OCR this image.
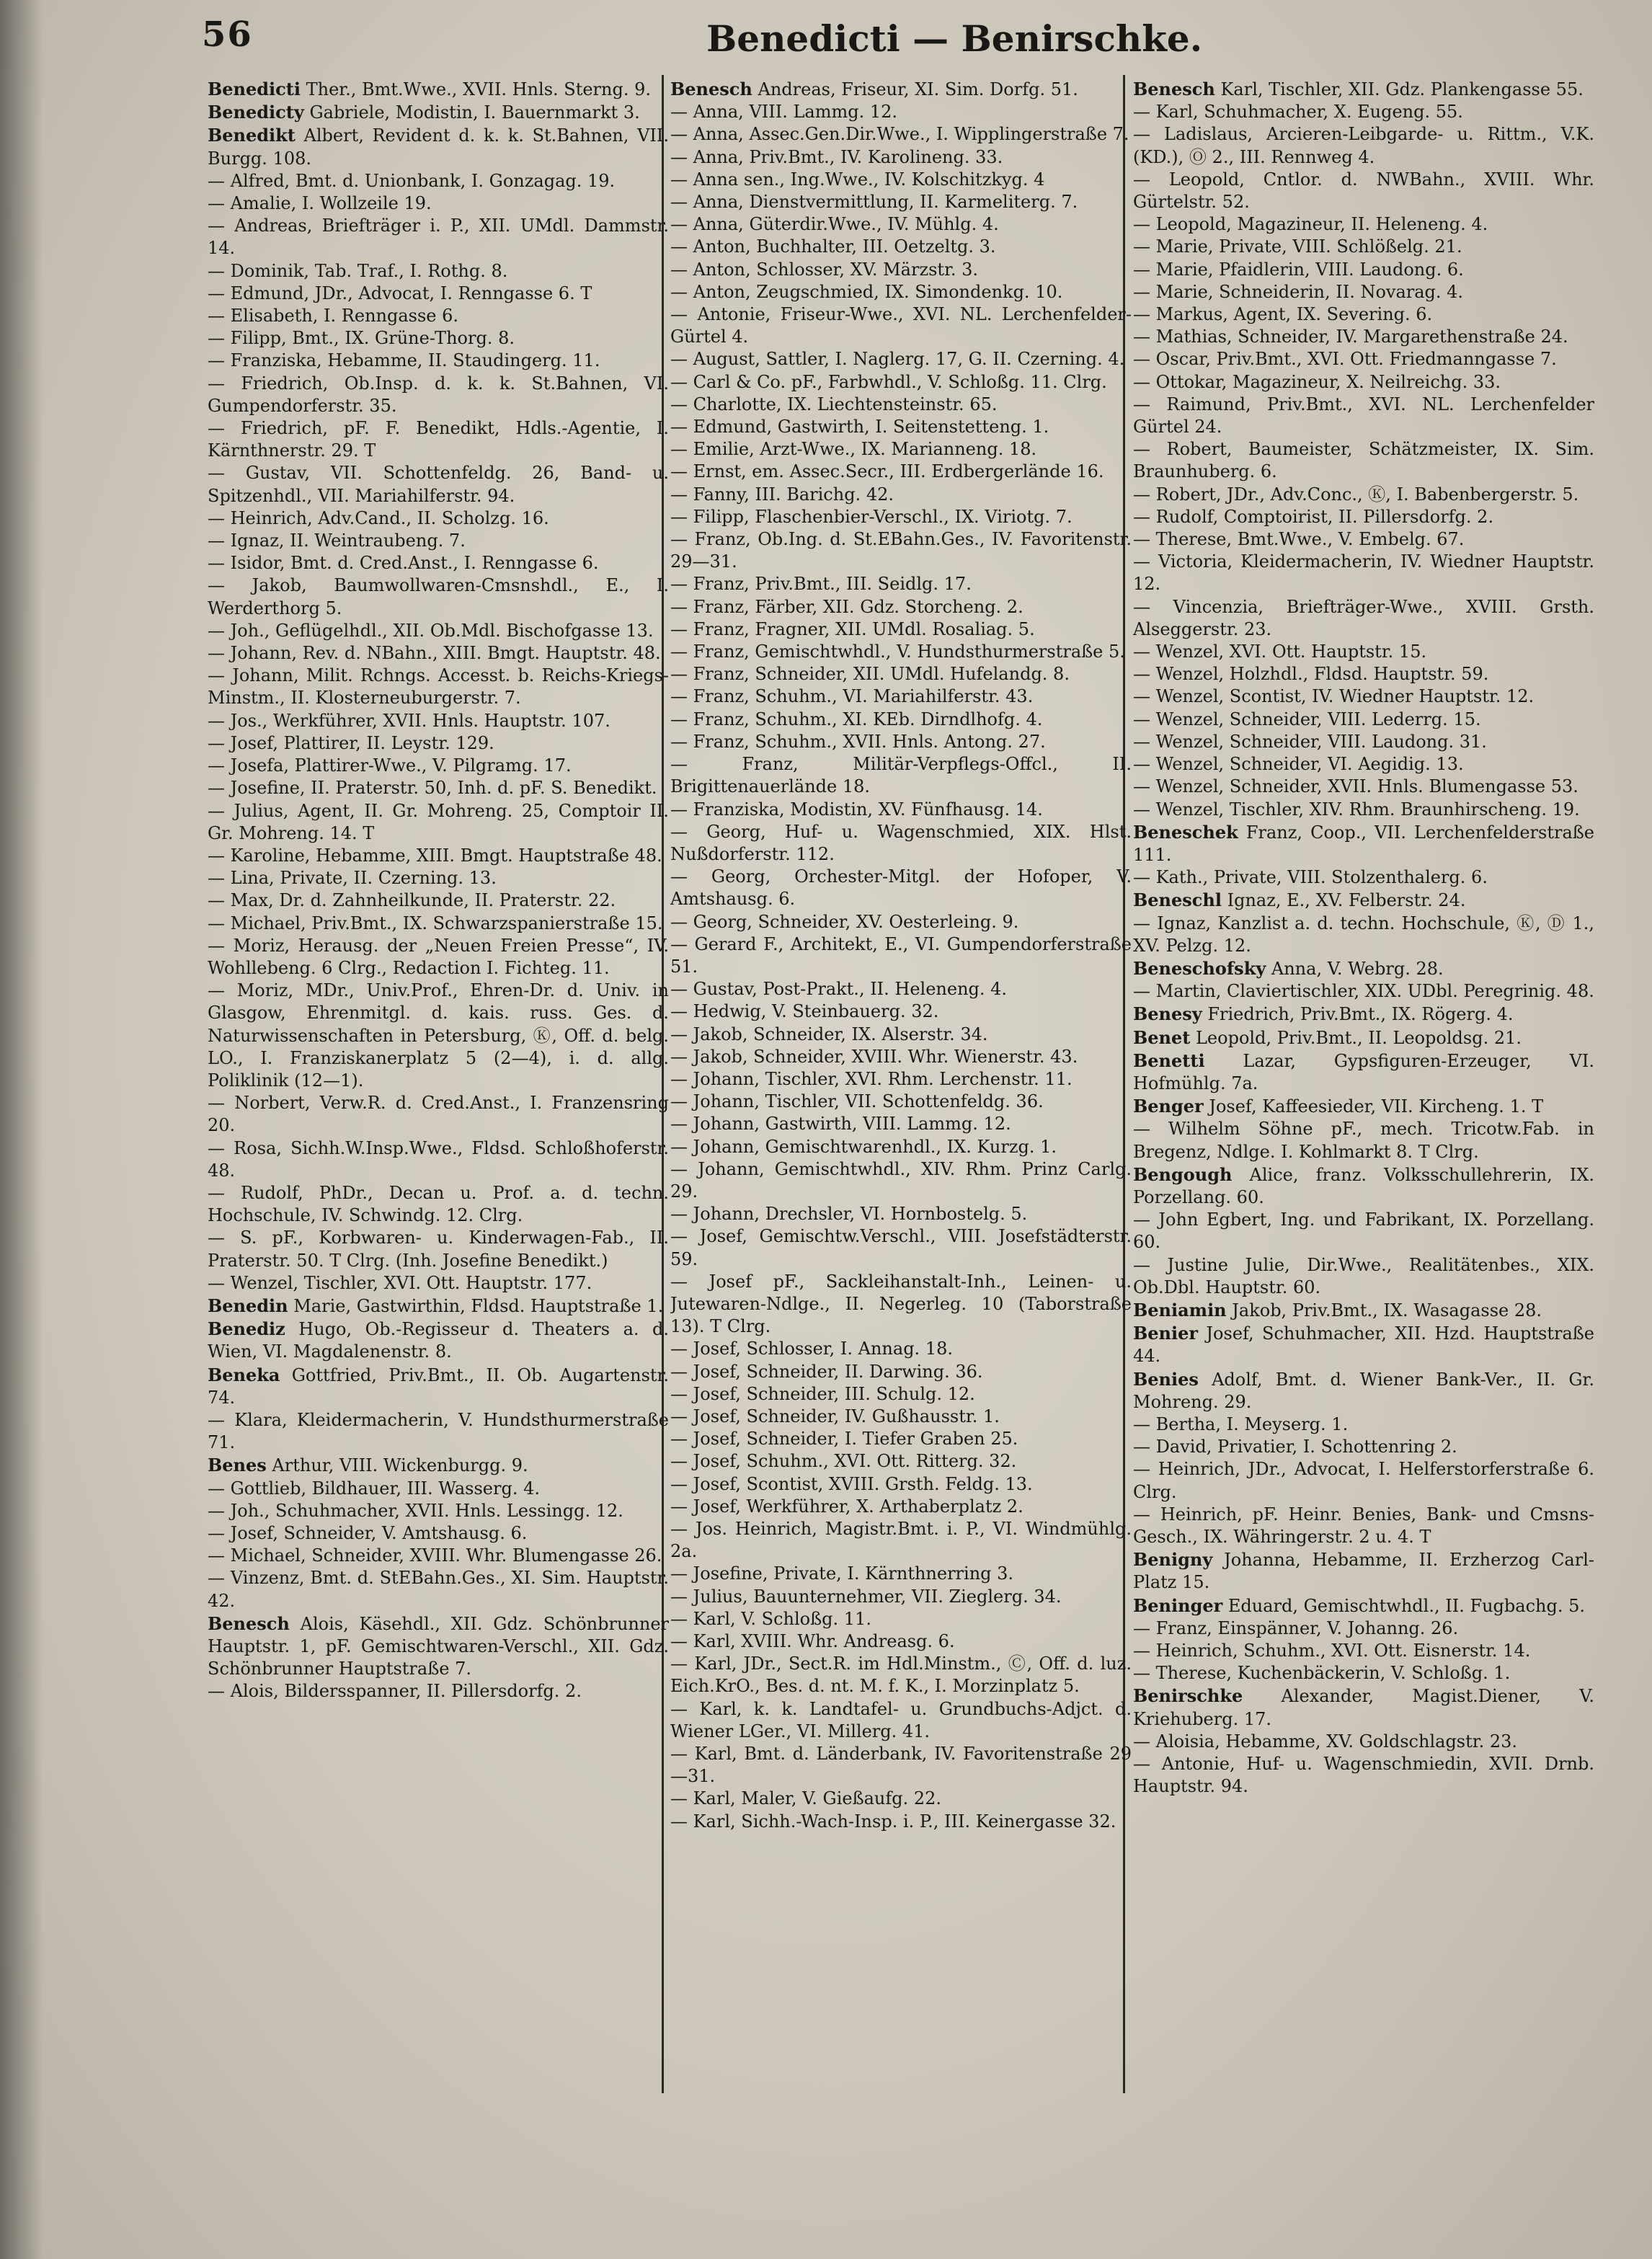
56	Benedicti — Benirschke.

Benedicti Ther., Bmt.Wwe., XVII. Hnls. Sterng. 9.

Benedicty Gabriele, Modistin, I. Bauernmarkt 3.

Benedikt Albert, Revident d. k. k. St.Bahnen, VII. Burgg. 108.

— Alfred, Bmt. d. Unionbank, I. Gonzagag. 19.

— Amalie, I. Wollzeile 19.

— Andreas, Briefträger i. P., XII. UMdl. Dammstr. 14.

— Dominik, Tab. Traf., I. Rothg. 8.

— Edmund, JDr., Advocat, I. Renngasse 6. T

— Elisabeth, I. Renngasse 6.

— Filipp, Bmt., IX. Grüne-Thorg. 8.

— Franziska, Hebamme, II. Staudingerg. 11.

— Friedrich, Ob.Insp. d. k. k. St.Bahnen, VI. Gumpendorferstr. 35.

— Friedrich, pF. F. Benedikt, Hdls.-Agentie, I. Kärnthnerstr. 29. T

— Gustav, VII. Schottenfeldg. 26, Band- u. Spitzenhdl., VII. Mariahilferstr. 94.

— Heinrich, Adv.Cand., II. Scholzg. 16.

— Ignaz, II. Weintraubeng. 7.

— Isidor, Bmt. d. Cred.Anst., I. Renngasse 6.

— Jakob, Baumwollwaren-Cmsnshdl., E., I. Werderthorg 5.

— Joh., Geflügelhdl., XII. Ob.Mdl. Bischofgasse 13.

— Johann, Rev. d. NBahn., XIII. Bmgt. Hauptstr. 48.

— Johann, Milit. Rchngs. Accesst. b. Reichs-Kriegs-Minstm., II. Klosterneuburgerstr. 7.

— Jos., Werkführer, XVII. Hnls. Hauptstr. 107.

— Josef, Plattirer, II. Leystr. 129.

— Josefa, Plattirer-Wwe., V. Pilgramg. 17.

— Josefine, II. Praterstr. 50, Inh. d. pF. S. Benedikt.

— Julius, Agent, II. Gr. Mohreng. 25, Comptoir II. Gr. Mohreng. 14. T

— Karoline, Hebamme, XIII. Bmgt. Hauptstraße 48.

— Lina, Private, II. Czerning. 13.

— Max, Dr. d. Zahnheilkunde, II. Praterstr. 22.

— Michael, Priv.Bmt., IX. Schwarzspanierstraße 15.

— Moriz, Herausg. der „Neuen Freien Presse“, IV. Wohllebeng. 6 Clrg., Redaction I. Fichteg. 11.

— Moriz, MDr., Univ.Prof., Ehren-Dr. d. Univ. in Glasgow, Ehrenmitgl. d. kais. russ. Ges. d. Naturwissenschaften in Petersburg, Ⓚ, Off. d. belg. LO., I. Franziskanerplatz 5 (2—4), i. d. allg. Poliklinik (12—1).

— Norbert, Verw.R. d. Cred.Anst., I. Franzensring 20.

— Rosa, Sichh.W.Insp.Wwe., Fldsd. Schloßhoferstr. 48.

— Rudolf, PhDr., Decan u. Prof. a. d. techn. Hochschule, IV. Schwindg. 12. Clrg.

— S. pF., Korbwaren- u. Kinderwagen-Fab., II. Praterstr. 50. T Clrg. (Inh. Josefine Benedikt.)

— Wenzel, Tischler, XVI. Ott. Hauptstr. 177.

Benedin Marie, Gastwirthin, Fldsd. Hauptstraße 1.

Benediz Hugo, Ob.-Regisseur d. Theaters a. d. Wien, VI. Magdalenenstr. 8.

Beneka Gottfried, Priv.Bmt., II. Ob. Augartenstr. 74.

— Klara, Kleidermacherin, V. Hundsthurmerstraße 71.

Benes Arthur, VIII. Wickenburgg. 9.

— Gottlieb, Bildhauer, III. Wasserg. 4.

— Joh., Schuhmacher, XVII. Hnls. Lessingg. 12.

— Josef, Schneider, V. Amtshausg. 6.

— Michael, Schneider, XVIII. Whr. Blumengasse 26.

— Vinzenz, Bmt. d. StEBahn.Ges., XI. Sim. Hauptstr. 42.

Benesch Alois, Käsehdl., XII. Gdz. Schönbrunner Hauptstr. 1, pF. Gemischtwaren-Verschl., XII. Gdz. Schönbrunner Hauptstraße 7.

— Alois, Bildersspanner, II. Pillersdorfg. 2.

Benesch Andreas, Friseur, XI. Sim. Dorfg. 51.

— Anna, VIII. Lammg. 12.

— Anna, Assec.Gen.Dir.Wwe., I. Wipplingerstraße 7.

— Anna, Priv.Bmt., IV. Karolineng. 33.

— Anna sen., Ing.Wwe., IV. Kolschitzkyg. 4

— Anna, Dienstvermittlung, II. Karmeliterg. 7.

— Anna, Güterdir.Wwe., IV. Mühlg. 4.

— Anton, Buchhalter, III. Oetzeltg. 3.

— Anton, Schlosser, XV. Märzstr. 3.

— Anton, Zeugschmied, IX. Simondenkg. 10.

— Antonie, Friseur-Wwe., XVI. NL. Lerchenfelder-Gürtel 4.

— August, Sattler, I. Naglerg. 17, G. II. Czerning. 4.

— Carl & Co. pF., Farbwhdl., V. Schloßg. 11. Clrg.

— Charlotte, IX. Liechtensteinstr. 65.

— Edmund, Gastwirth, I. Seitenstetteng. 1.

— Emilie, Arzt-Wwe., IX. Marianneng. 18.

— Ernst, em. Assec.Secr., III. Erdbergerlände 16.

— Fanny, III. Barichg. 42.

— Filipp, Flaschenbier-Verschl., IX. Viriotg. 7.

— Franz, Ob.Ing. d. St.EBahn.Ges., IV. Favoritenstr. 29—31.

— Franz, Priv.Bmt., III. Seidlg. 17.

— Franz, Färber, XII. Gdz. Storcheng. 2.

— Franz, Fragner, XII. UMdl. Rosaliag. 5.

— Franz, Gemischtwhdl., V. Hundsthurmerstraße 5.

— Franz, Schneider, XII. UMdl. Hufelandg. 8.

— Franz, Schuhm., VI. Mariahilferstr. 43.

— Franz, Schuhm., XI. KEb. Dirndlhofg. 4.

— Franz, Schuhm., XVII. Hnls. Antong. 27.

— Franz, Militär-Verpflegs-Offcl., II. Brigittenauerlände 18.

— Franziska, Modistin, XV. Fünfhausg. 14.

— Georg, Huf- u. Wagenschmied, XIX. Hlst. Nußdorferstr. 112.

— Georg, Orchester-Mitgl. der Hofoper, V. Amtshausg. 6.

— Georg, Schneider, XV. Oesterleing. 9.

— Gerard F., Architekt, E., VI. Gumpendorferstraße 51.

— Gustav, Post-Prakt., II. Heleneng. 4.

— Hedwig, V. Steinbauerg. 32.

— Jakob, Schneider, IX. Alserstr. 34.

— Jakob, Schneider, XVIII. Whr. Wienerstr. 43.

— Johann, Tischler, XVI. Rhm. Lerchenstr. 11.

— Johann, Tischler, VII. Schottenfeldg. 36.

— Johann, Gastwirth, VIII. Lammg. 12.

— Johann, Gemischtwarenhdl., IX. Kurzg. 1.

— Johann, Gemischtwhdl., XIV. Rhm. Prinz Carlg. 29.

— Johann, Drechsler, VI. Hornbostelg. 5.

— Josef, Gemischtw.Verschl., VIII. Josefstädterstr. 59.

— Josef pF., Sackleihanstalt-Inh., Leinen- u. Jutewaren-Ndlge., II. Negerleg. 10 (Taborstraße 13). T Clrg.

— Josef, Schlosser, I. Annag. 18.

— Josef, Schneider, II. Darwing. 36.

— Josef, Schneider, III. Schulg. 12.

— Josef, Schneider, IV. Gußhausstr. 1.

— Josef, Schneider, I. Tiefer Graben 25.

— Josef, Schuhm., XVI. Ott. Ritterg. 32.

— Josef, Scontist, XVIII. Grsth. Feldg. 13.

— Josef, Werkführer, X. Arthaberplatz 2.

— Jos. Heinrich, Magistr.Bmt. i. P., VI. Windmühlg. 2a.

— Josefine, Private, I. Kärnthnerring 3.

— Julius, Bauunternehmer, VII. Zieglerg. 34.

— Karl, V. Schloßg. 11.

— Karl, XVIII. Whr. Andreasg. 6.

— Karl, JDr., Sect.R. im Hdl.Minstm., Ⓒ, Off. d. luz. Eich.KrO., Bes. d. nt. M. f. K., I. Morzinplatz 5.

— Karl, k. k. Landtafel- u. Grundbuchs-Adjct. d. Wiener LGer., VI. Millerg. 41.

— Karl, Bmt. d. Länderbank, IV. Favoritenstraße 29—31.

— Karl, Maler, V. Gießaufg. 22.

— Karl, Sichh.-Wach-Insp. i. P., III. Keinergasse 32.

Benesch Karl, Tischler, XII. Gdz. Plankengasse 55.

— Karl, Schuhmacher, X. Eugeng. 55.

— Ladislaus, Arcieren-Leibgarde- u. Rittm., V.K. (KD.), Ⓞ 2., III. Rennweg 4.

— Leopold, Cntlor. d. NWBahn., XVIII. Whr. Gürtelstr. 52.

— Leopold, Magazineur, II. Heleneng. 4.

— Marie, Private, VIII. Schlößelg. 21.

— Marie, Pfaidlerin, VIII. Laudong. 6.

— Marie, Schneiderin, II. Novarag. 4.

— Markus, Agent, IX. Severing. 6.

— Mathias, Schneider, IV. Margarethenstraße 24.

— Oscar, Priv.Bmt., XVI. Ott. Friedmanngasse 7.

— Ottokar, Magazineur, X. Neilreichg. 33.

— Raimund, Priv.Bmt., XVI. NL. Lerchenfelder Gürtel 24.

— Robert, Baumeister, Schätzmeister, IX. Sim. Braunhuberg. 6.

— Robert, JDr., Adv.Conc., Ⓚ, I. Babenbergerstr. 5.

— Rudolf, Comptoirist, II. Pillersdorfg. 2.

— Therese, Bmt.Wwe., V. Embelg. 67.

— Victoria, Kleidermacherin, IV. Wiedner Hauptstr. 12.

— Vincenzia, Briefträger-Wwe., XVIII. Grsth. Alseggerstr. 23.

— Wenzel, XVI. Ott. Hauptstr. 15.

— Wenzel, Holzhdl., Fldsd. Hauptstr. 59.

— Wenzel, Scontist, IV. Wiedner Hauptstr. 12.

— Wenzel, Schneider, VIII. Lederrg. 15.

— Wenzel, Schneider, VIII. Laudong. 31.

— Wenzel, Schneider, VI. Aegidig. 13.

— Wenzel, Schneider, XVII. Hnls. Blumengasse 53.

— Wenzel, Tischler, XIV. Rhm. Braunhirscheng. 19.

Beneschek Franz, Coop., VII. Lerchenfelderstraße 111.

— Kath., Private, VIII. Stolzenthalerg. 6.

Beneschl Ignaz, E., XV. Felberstr. 24.

— Ignaz, Kanzlist a. d. techn. Hochschule, Ⓚ, Ⓓ 1., XV. Pelzg. 12.

Beneschofsky Anna, V. Webrg. 28.

— Martin, Claviertischler, XIX. UDbl. Peregrinig. 48.

Benesy Friedrich, Priv.Bmt., IX. Rögerg. 4.

Benet Leopold, Priv.Bmt., II. Leopoldsg. 21.

Benetti Lazar, Gypsfiguren-Erzeuger, VI. Hofmühlg. 7a.

Benger Josef, Kaffeesieder, VII. Kircheng. 1. T

— Wilhelm Söhne pF., mech. Tricotw.Fab. in Bregenz, Ndlge. I. Kohlmarkt 8. T Clrg.

Bengough Alice, franz. Volksschullehrerin, IX. Porzellang. 60.

— John Egbert, Ing. und Fabrikant, IX. Porzellang. 60.

— Justine Julie, Dir.Wwe., Realitätenbes., XIX. Ob.Dbl. Hauptstr. 60.

Beniamin Jakob, Priv.Bmt., IX. Wasagasse 28.

Benier Josef, Schuhmacher, XII. Hzd. Hauptstraße 44.

Benies Adolf, Bmt. d. Wiener Bank-Ver., II. Gr. Mohreng. 29.

— Bertha, I. Meyserg. 1.

— David, Privatier, I. Schottenring 2.

— Heinrich, JDr., Advocat, I. Helferstorferstraße 6. Clrg.

— Heinrich, pF. Heinr. Benies, Bank- und Cmsns-Gesch., IX. Währingerstr. 2 u. 4. T

Benigny Johanna, Hebamme, II. Erzherzog Carl-Platz 15.

Beninger Eduard, Gemischtwhdl., II. Fugbachg. 5.

— Franz, Einspänner, V. Johanng. 26.

— Heinrich, Schuhm., XVI. Ott. Eisnerstr. 14.

— Therese, Kuchenbäckerin, V. Schloßg. 1.

Benirschke Alexander, Magist.Diener, V. Kriehuberg. 17.

— Aloisia, Hebamme, XV. Goldschlagstr. 23.

— Antonie, Huf- u. Wagenschmiedin, XVII. Drnb. Hauptstr. 94.
